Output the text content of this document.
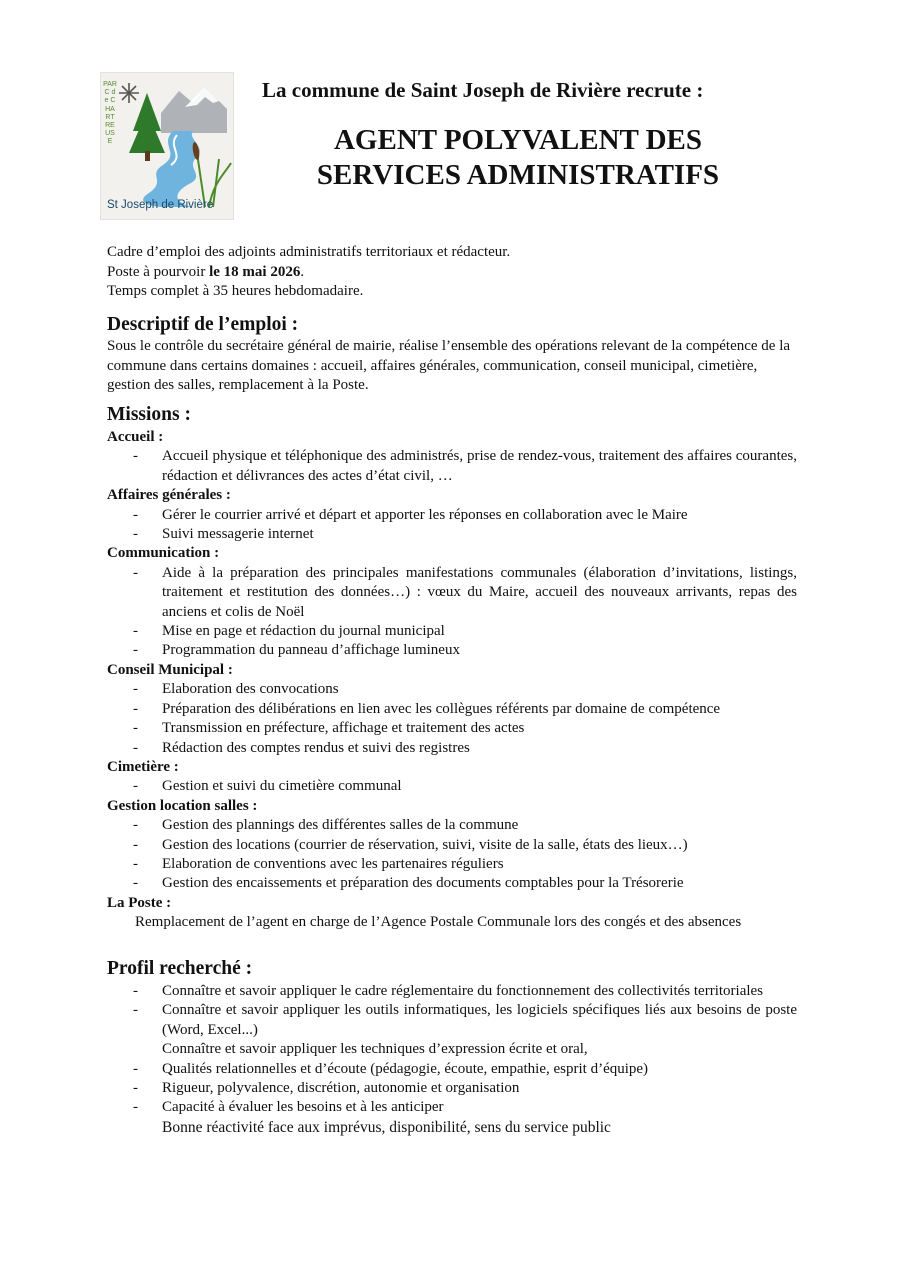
PARC de CHARTREUSE
St Joseph de Rivière
La commune de Saint Joseph de Rivière recrute :
AGENT POLYVALENT DES
SERVICES ADMINISTRATIFS
Cadre d’emploi des adjoints administratifs territoriaux et rédacteur.
Poste à pourvoir le 18 mai 2026.
Temps complet à 35 heures hebdomadaire.
Descriptif de l’emploi :
Sous le contrôle du secrétaire général de mairie, réalise l’ensemble des opérations relevant de la compétence de la commune dans certains domaines : accueil, affaires générales, communication, conseil municipal, cimetière, gestion des salles, remplacement à la Poste.
Missions :
Accueil :
- Accueil physique et téléphonique des administrés, prise de rendez-vous, traitement des affaires courantes, rédaction et délivrances des actes d’état civil, …
Affaires générales :
- Gérer le courrier arrivé et départ et apporter les réponses en collaboration avec le Maire
- Suivi messagerie internet
Communication :
- Aide à la préparation des principales manifestations communales (élaboration d’invitations, listings, traitement et restitution des données…) : vœux du Maire, accueil des nouveaux arrivants, repas des anciens et colis de Noël
- Mise en page et rédaction du journal municipal
- Programmation du panneau d’affichage lumineux
Conseil Municipal :
- Elaboration des convocations
- Préparation des délibérations en lien avec les collègues référents par domaine de compétence
- Transmission en préfecture, affichage et traitement des actes
- Rédaction des comptes rendus et suivi des registres
Cimetière :
- Gestion et suivi du cimetière communal
Gestion location salles :
- Gestion des plannings des différentes salles de la commune
- Gestion des locations (courrier de réservation, suivi, visite de la salle, états des lieux…)
- Elaboration de conventions avec les partenaires réguliers
- Gestion des encaissements et préparation des documents comptables pour la Trésorerie
La Poste :
Remplacement de l’agent en charge de l’Agence Postale Communale lors des congés et des absences
Profil recherché :
- Connaître et savoir appliquer le cadre réglementaire du fonctionnement des collectivités territoriales
- Connaître et savoir appliquer les outils informatiques, les logiciels spécifiques liés aux besoins de poste (Word, Excel...)
Connaître et savoir appliquer les techniques d’expression écrite et oral,
- Qualités relationnelles et d’écoute (pédagogie, écoute, empathie, esprit d’équipe)
- Rigueur, polyvalence, discrétion, autonomie et organisation
- Capacité à évaluer les besoins et à les anticiper
Bonne réactivité face aux imprévus, disponibilité, sens du service public
